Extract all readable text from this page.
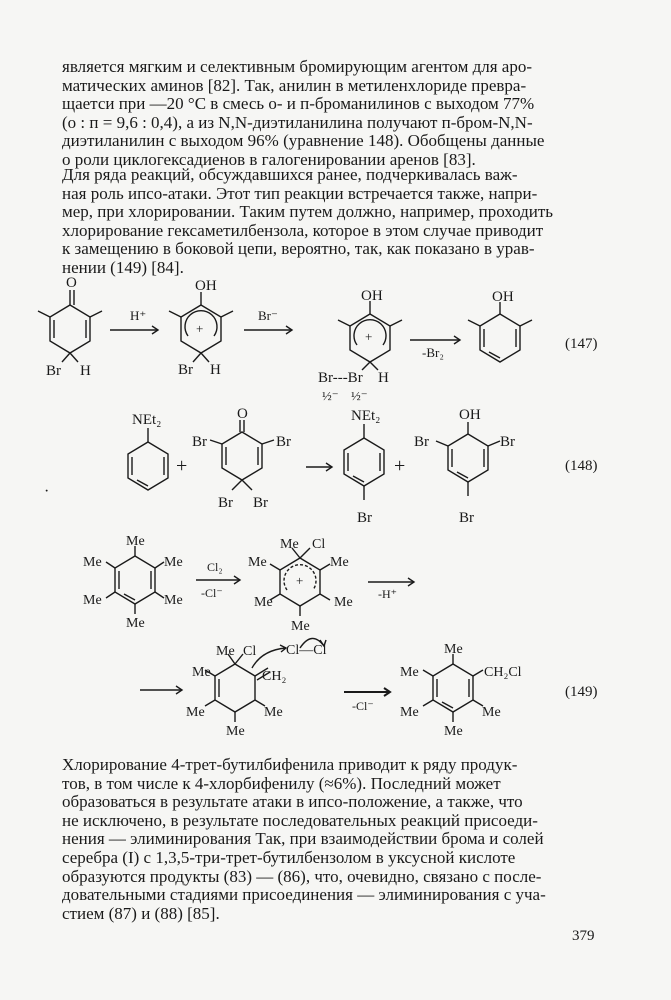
является мягким и селективным бромирующим агентом для аро-
матических аминов [82]. Так, анилин в метиленхлориде превра-
щаетси при —20 °C в смесь о- и п-броманилинов с выходом 77%
(о : п = 9,6 : 0,4), а из N,N-диэтиланилина получают п-бром-N,N-
диэтиланилин с выходом 96% (уравнение 148). Обобщены данные
о роли циклогексадиенов в галогенировании аренов [83].
Для ряда реакций, обсуждавшихся ранее, подчеркивалась важ-
ная роль ипсо-атаки. Этот тип реакции встречается также, напри-
мер, при хлорировании. Таким путем должно, например, проходить
хлорирование гексаметилбензола, которое в этом случае приводит
к замещению в боковой цепи, вероятно, так, как показано в урав-
нении (149) [84].
O
Br H
H⁺
OH
+
Br H
Br⁻
OH
+
Br---Br H
½⁻ ½⁻
-Br₂
OH
(147)
NEt₂
+
O
Br	Br
Br Br
NEt₂
Br
+
OH
Br	Br
Br
(148)
·
Me
Me	Me
Me	Me
Me
Cl₂
-Cl⁻
Me Cl
+
Me	Me
Me	Me
Me
-H⁺
Me Cl
Me	CH₂
Cl—Cl
Me	Me
Me
-Cl⁻
Me
Me	CH₂Cl
Me	Me
Me
(149)
Хлорирование 4-трет-бутилбифенила приводит к ряду продук-
тов, в том числе к 4-хлорбифенилу (≈6%). Последний может
образоваться в результате атаки в ипсо-положение, а также, что
не исключено, в результате последовательных реакций присоеди-
нения — элиминирования Так, при взаимодействии брома и солей
серебра (I) с 1,3,5-три-трет-бутилбензолом в уксусной кислоте
образуются продукты (83) — (86), что, очевидно, связано с после-
довательными стадиями присоединения — элиминирования с уча-
стием (87) и (88) [85].
379
